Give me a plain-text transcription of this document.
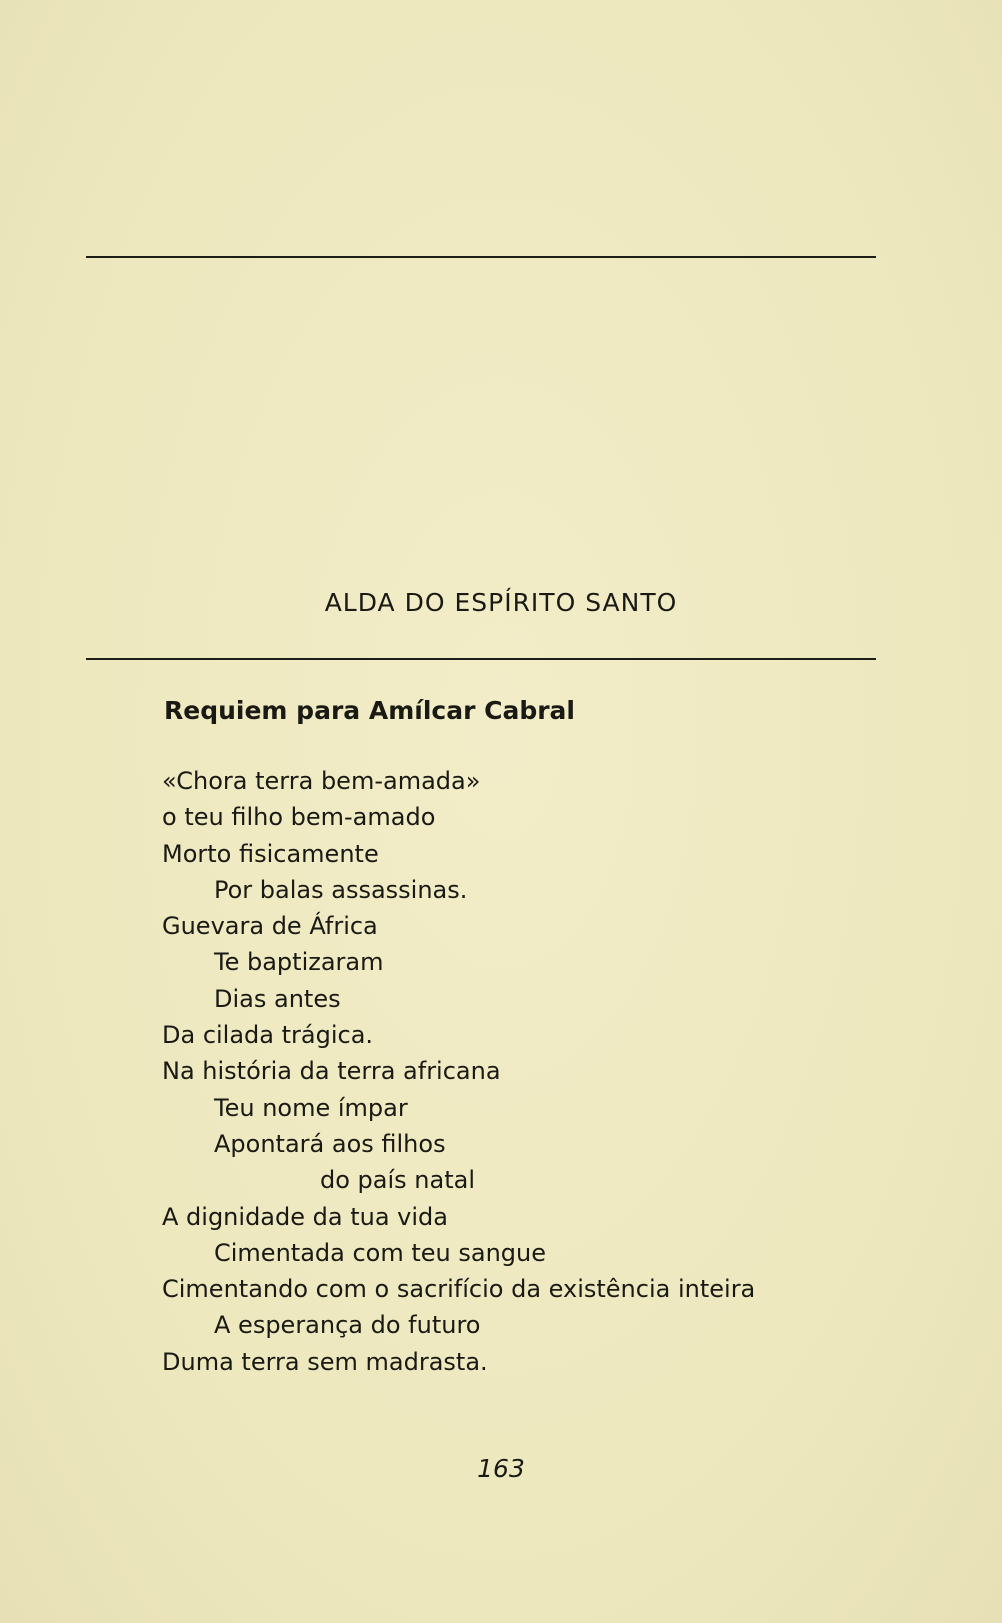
ALDA DO ESPÍRITO SANTO
Requiem para Amílcar Cabral
«Chora terra bem-amada»
o teu filho bem-amado
Morto fisicamente
Por balas assassinas.
Guevara de África
Te baptizaram
Dias antes
Da cilada trágica.
Na história da terra africana
Teu nome ímpar
Apontará aos filhos
do país natal
A dignidade da tua vida
Cimentada com teu sangue
Cimentando com o sacrifício da existência inteira
A esperança do futuro
Duma terra sem madrasta.
163
